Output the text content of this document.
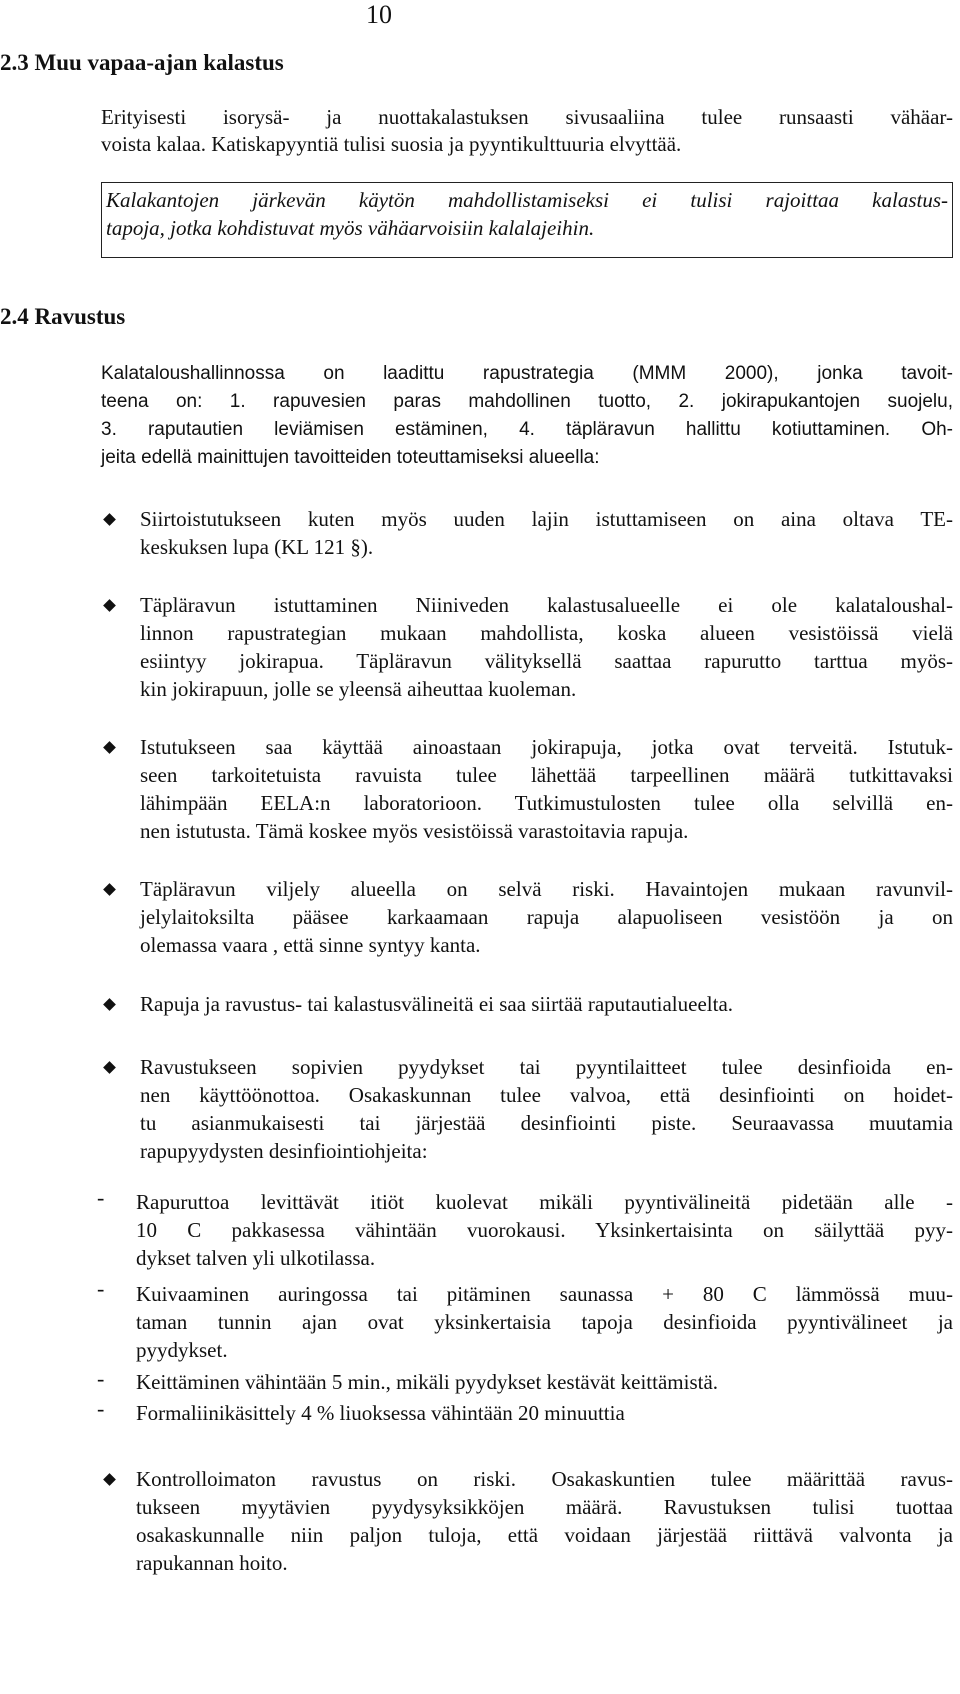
10
2.3 Muu vapaa-ajan kalastus
Erityisesti isorysä- ja nuottakalastuksen sivusaaliina tulee runsaasti vähäar-
voista kalaa. Katiskapyyntiä tulisi suosia ja pyyntikulttuuria elvyttää.
Kalakantojen järkevän käytön mahdollistamiseksi ei tulisi rajoittaa kalastus-
tapoja, jotka kohdistuvat myös vähäarvoisiin kalalajeihin.
2.4 Ravustus
Kalataloushallinnossa on laadittu rapustrategia (MMM 2000), jonka tavoit-
teena on: 1. rapuvesien paras mahdollinen tuotto, 2. jokirapukantojen suojelu,
3. raputautien leviämisen estäminen, 4. täpläravun hallittu kotiuttaminen. Oh-
jeita edellä mainittujen tavoitteiden toteuttamiseksi alueella:
Siirtoistutukseen kuten myös uuden lajin istuttamiseen on aina oltava TE-
keskuksen lupa (KL 121 §).
Täpläravun istuttaminen Niiniveden kalastusalueelle ei ole kalataloushal-
linnon rapustrategian mukaan mahdollista, koska alueen vesistöissä vielä
esiintyy jokirapua. Täpläravun välityksellä saattaa rapurutto tarttua myös-
kin jokirapuun, jolle se yleensä aiheuttaa kuoleman.
Istutukseen saa käyttää ainoastaan jokirapuja, jotka ovat terveitä. Istutuk-
seen tarkoitetuista ravuista tulee lähettää tarpeellinen määrä tutkittavaksi
lähimpään EELA:n laboratorioon. Tutkimustulosten tulee olla selvillä en-
nen istutusta. Tämä koskee myös vesistöissä varastoitavia rapuja.
Täpläravun viljely alueella on selvä riski. Havaintojen mukaan ravunvil-
jelylaitoksilta pääsee karkaamaan rapuja alapuoliseen vesistöön ja on
olemassa vaara , että sinne syntyy kanta.
Rapuja ja ravustus- tai kalastusvälineitä ei saa siirtää raputautialueelta.
Ravustukseen sopivien pyydykset tai pyyntilaitteet tulee desinfioida en-
nen käyttöönottoa. Osakaskunnan tulee valvoa, että desinfiointi on hoidet-
tu asianmukaisesti tai järjestää desinfiointi piste. Seuraavassa muutamia
rapupyydysten desinfiointiohjeita:
- Rapuruttoa levittävät itiöt kuolevat mikäli pyyntivälineitä pidetään alle -
10 C pakkasessa vähintään vuorokausi. Yksinkertaisinta on säilyttää pyy-
dykset talven yli ulkotilassa.
- Kuivaaminen auringossa tai pitäminen saunassa + 80 C lämmössä muu-
taman tunnin ajan ovat yksinkertaisia tapoja desinfioida pyyntivälineet ja
pyydykset.
- Keittäminen vähintään 5 min., mikäli pyydykset kestävät keittämistä.
- Formaliinikäsittely 4 % liuoksessa vähintään 20 minuuttia
Kontrolloimaton ravustus on riski. Osakaskuntien tulee määrittää ravus-
tukseen myytävien pyydysyksikköjen määrä. Ravustuksen tulisi tuottaa
osakaskunnalle niin paljon tuloja, että voidaan järjestää riittävä valvonta ja
rapukannan hoito.
